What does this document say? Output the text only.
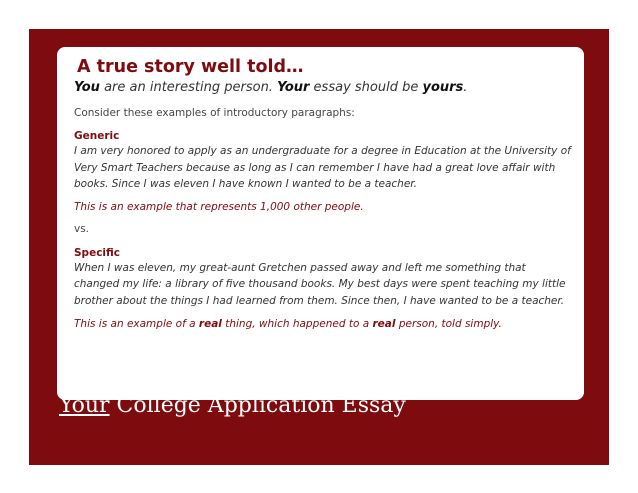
A true story well told…
You are an interesting person. Your essay should be yours.
Consider these examples of introductory paragraphs:
Generic
I am very honored to apply as an undergraduate for a degree in Education at the University of Very Smart Teachers because as long as I can remember I have had a great love affair with books. Since I was eleven I have known I wanted to be a teacher.
This is an example that represents 1,000 other people.
vs.
Specific
When I was eleven, my great-aunt Gretchen passed away and left me something that changed my life: a library of five thousand books. My best days were spent teaching my little brother about the things I had learned from them. Since then, I have wanted to be a teacher.
This is an example of a real thing, which happened to a real person, told simply.
Your College Application Essay
